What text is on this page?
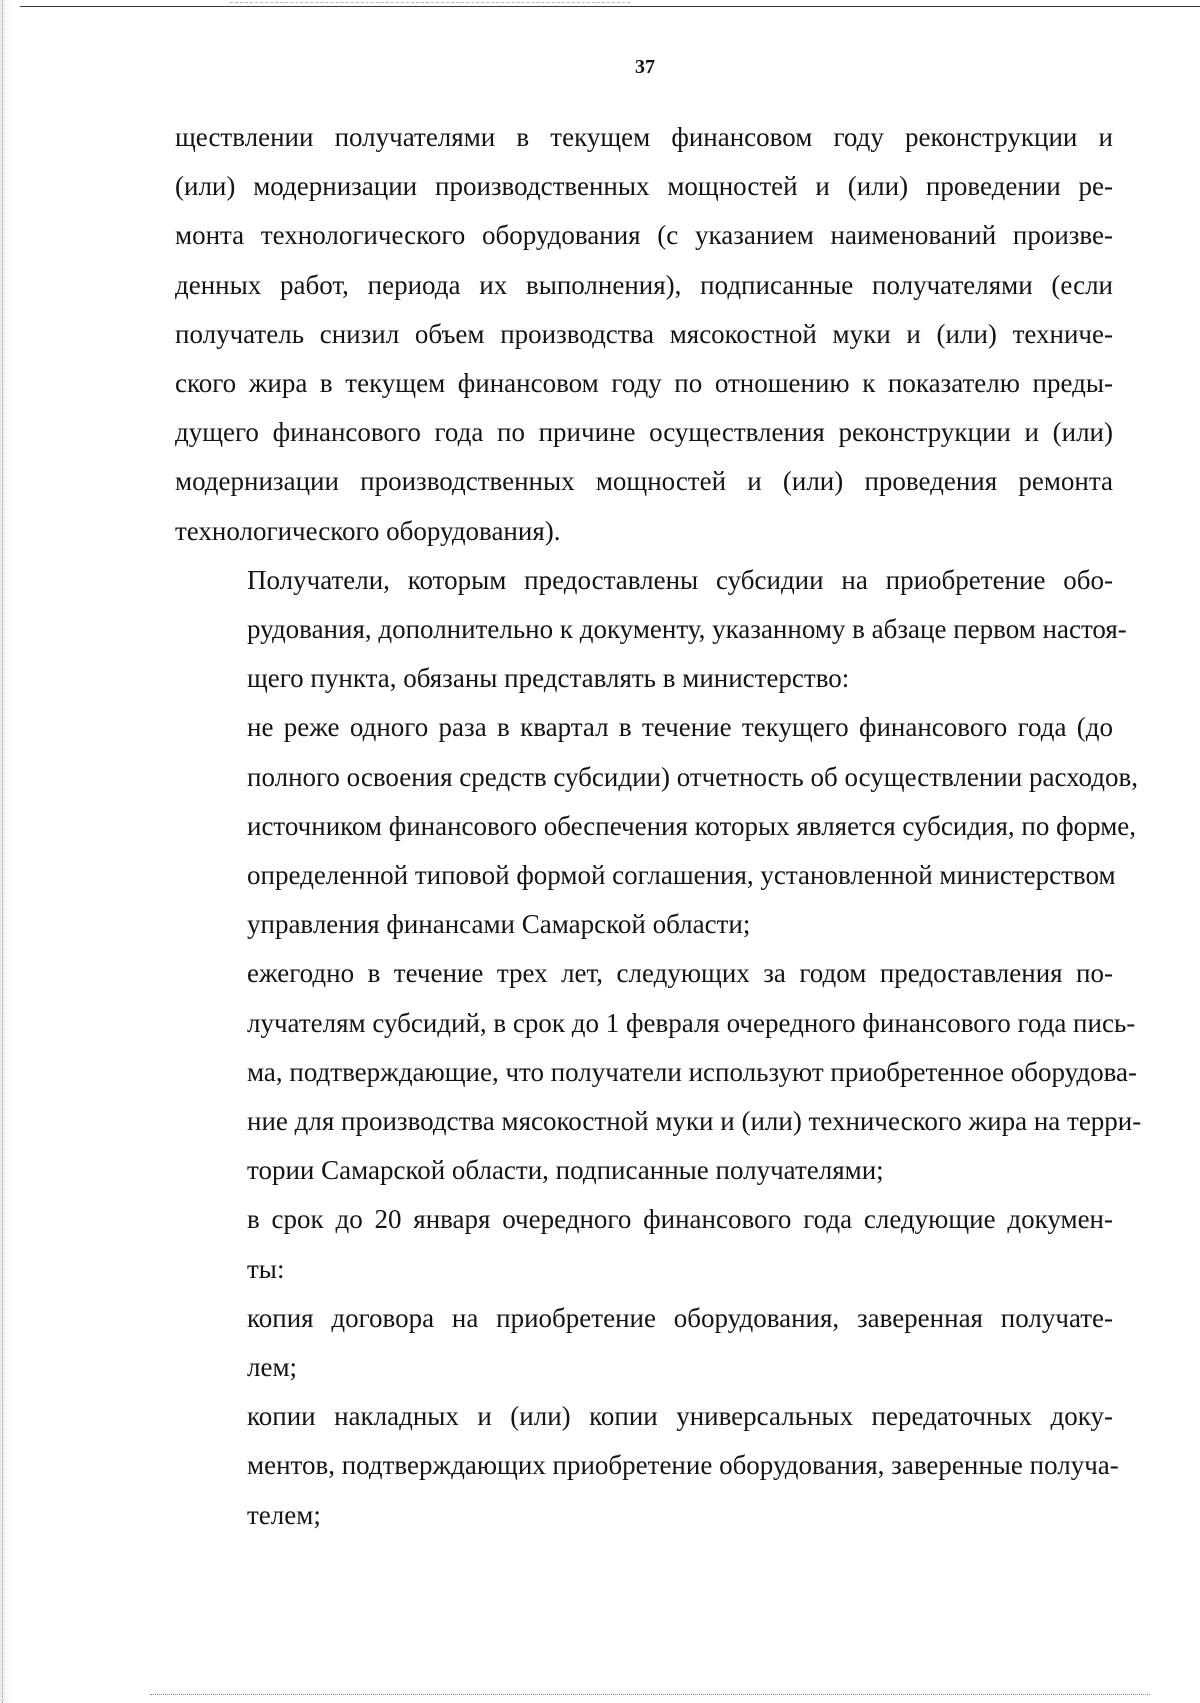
37

ществлении получателями в текущем финансовом году реконструкции и
(или) модернизации производственных мощностей и (или) проведении ре-
монта технологического оборудования (с указанием наименований произве-
денных работ, периода их выполнения), подписанные получателями (если
получатель снизил объем производства мясокостной муки и (или) техниче-
ского жира в текущем финансовом году по отношению к показателю преды-
дущего финансового года по причине осуществления реконструкции и (или)
модернизации производственных мощностей и (или) проведения ремонта
технологического оборудования).

Получатели, которым предоставлены субсидии на приобретение обо-
рудования, дополнительно к документу, указанному в абзаце первом настоя-
щего пункта, обязаны представлять в министерство:

не реже одного раза в квартал в течение текущего финансового года (до
полного освоения средств субсидии) отчетность об осуществлении расходов,
источником финансового обеспечения которых является субсидия, по форме,
определенной типовой формой соглашения, установленной министерством
управления финансами Самарской области;

ежегодно в течение трех лет, следующих за годом предоставления по-
лучателям субсидий, в срок до 1 февраля очередного финансового года пись-
ма, подтверждающие, что получатели используют приобретенное оборудова-
ние для производства мясокостной муки и (или) технического жира на терри-
тории Самарской области, подписанные получателями;

в срок до 20 января очередного финансового года следующие докумен-
ты:

копия договора на приобретение оборудования, заверенная получате-
лем;

копии накладных и (или) копии универсальных передаточных доку-
ментов, подтверждающих приобретение оборудования, заверенные получа-
телем;
